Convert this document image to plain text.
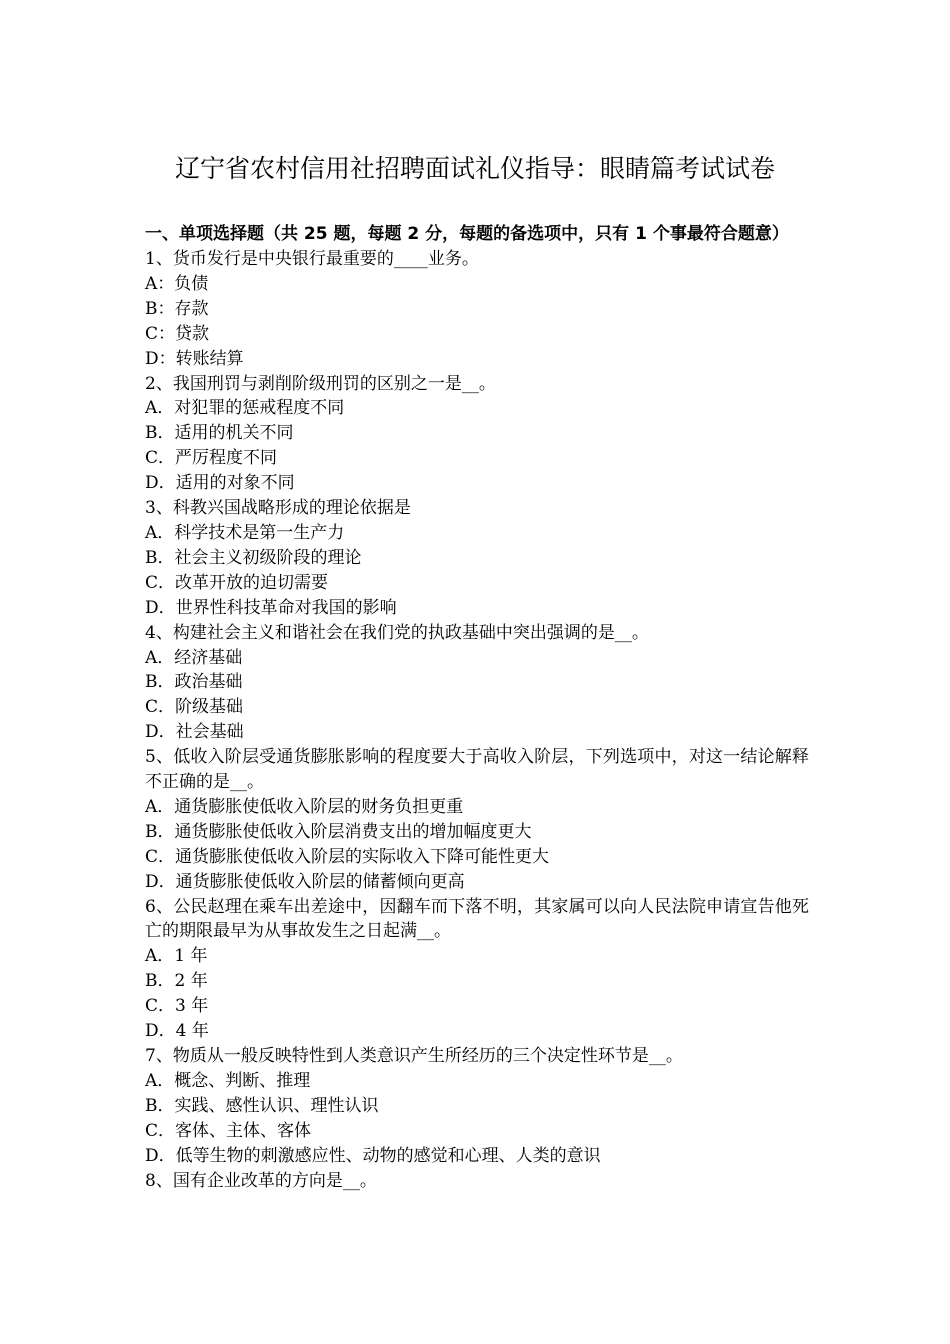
辽宁省农村信用社招聘面试礼仪指导：眼睛篇考试试卷

一、单项选择题（共 25 题，每题 2 分，每题的备选项中，只有 1 个事最符合题意）

1、货币发行是中央银行最重要的____业务。

A：负债

B：存款

C：贷款

D：转账结算

2、我国刑罚与剥削阶级刑罚的区别之一是__。

A．对犯罪的惩戒程度不同

B．适用的机关不同

C．严厉程度不同

D．适用的对象不同

3、科教兴国战略形成的理论依据是

A．科学技术是第一生产力

B．社会主义初级阶段的理论

C．改革开放的迫切需要

D．世界性科技革命对我国的影响

4、构建社会主义和谐社会在我们党的执政基础中突出强调的是__。

A．经济基础

B．政治基础

C．阶级基础

D．社会基础

5、低收入阶层受通货膨胀影响的程度要大于高收入阶层，下列选项中，对这一结论解释不正确的是__。

A．通货膨胀使低收入阶层的财务负担更重

B．通货膨胀使低收入阶层消费支出的增加幅度更大

C．通货膨胀使低收入阶层的实际收入下降可能性更大

D．通货膨胀使低收入阶层的储蓄倾向更高

6、公民赵理在乘车出差途中，因翻车而下落不明，其家属可以向人民法院申请宣告他死亡的期限最早为从事故发生之日起满__。

A．1 年

B．2 年

C．3 年

D．4 年

7、物质从一般反映特性到人类意识产生所经历的三个决定性环节是__。

A．概念、判断、推理

B．实践、感性认识、理性认识

C．客体、主体、客体

D．低等生物的刺激感应性、动物的感觉和心理、人类的意识

8、国有企业改革的方向是__。
